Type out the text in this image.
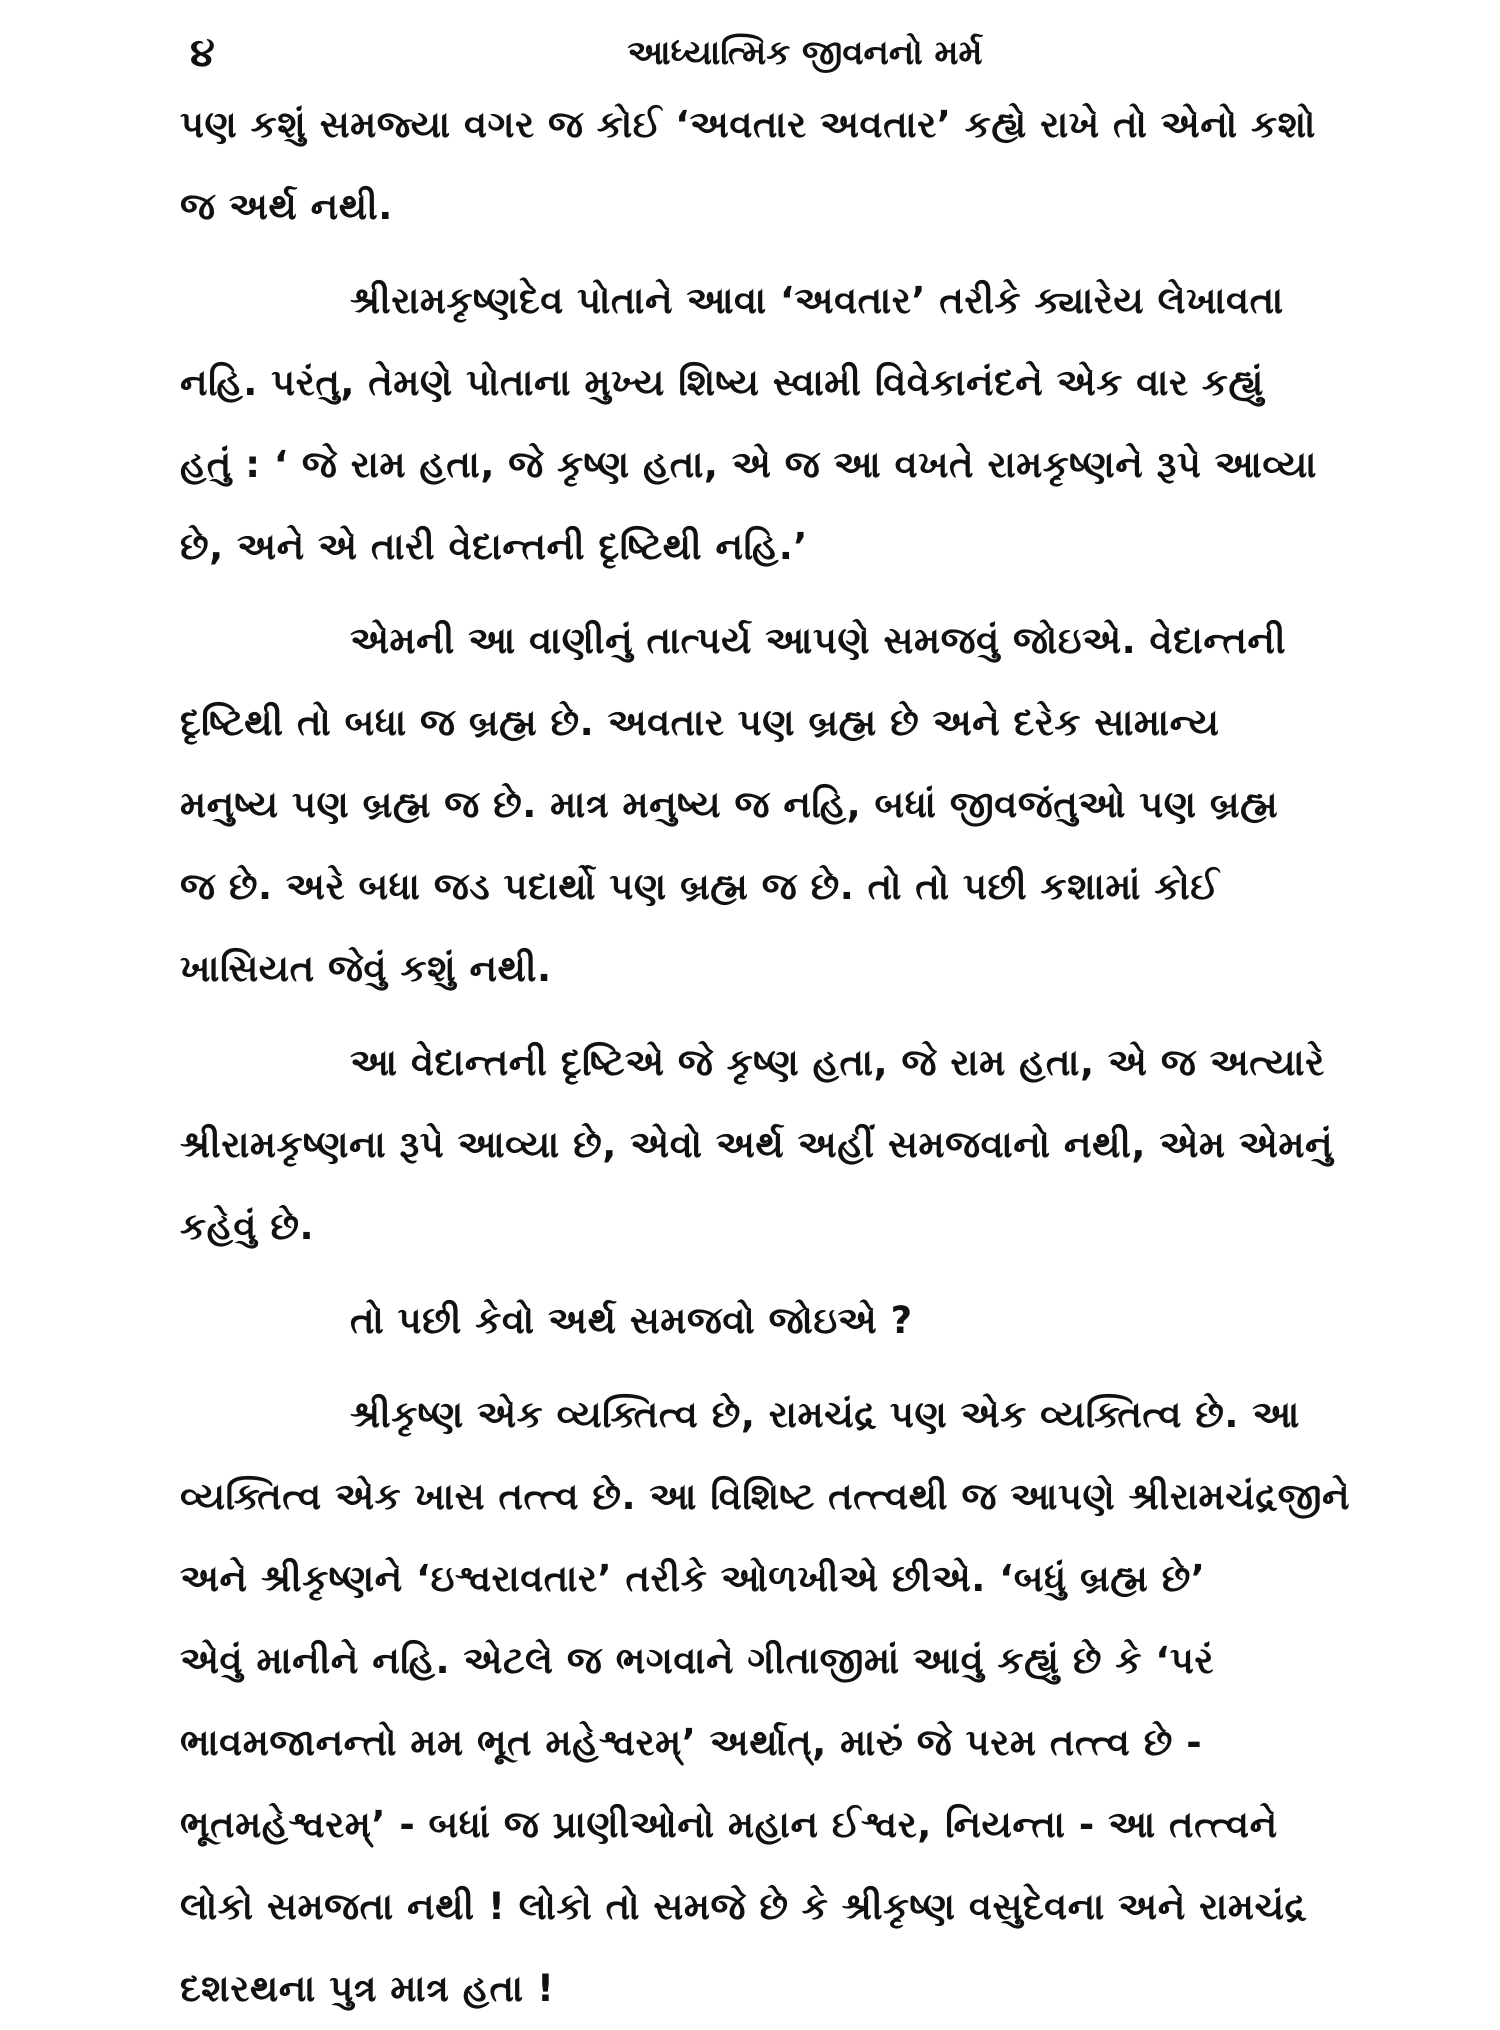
૪	આધ્યાત્મિક જીવનનો મર્મ

પણ કશું સમજ્યા વગર જ કોઈ ‘અવતાર અવતાર’ કહ્યે રાખે તો એનો કશો
જ અર્થ નથી.

શ્રીરામકૃષ્ણદેવ પોતાને આવા ‘અવતાર’ તરીકે ક્યારેય લેખાવતા
નહિ. પરંતુ, તેમણે પોતાના મુખ્ય શિષ્ય સ્વામી વિવેકાનંદને એક વાર કહ્યું
હતું : ‘ જે રામ હતા, જે કૃષ્ણ હતા, એ જ આ વખતે રામકૃષ્ણને રૂપે આવ્યા
છે, અને એ તારી વેદાન્તની દૃષ્ટિથી નહિ.’

એમની આ વાણીનું તાત્પર્ય આપણે સમજવું જોઇએ. વેદાન્તની
દૃષ્ટિથી તો બધા જ બ્રહ્મ છે. અવતાર પણ બ્રહ્મ છે અને દરેક સામાન્ય
મનુષ્ય પણ બ્રહ્મ જ છે. માત્ર મનુષ્ય જ નહિ, બધાં જીવજંતુઓ પણ બ્રહ્મ
જ છે. અરે બધા જડ પદાર્થો પણ બ્રહ્મ જ છે. તો તો પછી કશામાં કોઈ
ખાસિયત જેવું કશું નથી.

આ વેદાન્તની દૃષ્ટિએ જે કૃષ્ણ હતા, જે રામ હતા, એ જ અત્યારે
શ્રીરામકૃષ્ણના રૂપે આવ્યા છે, એવો અર્થ અહીં સમજવાનો નથી, એમ એમનું
કહેવું છે.

તો પછી કેવો અર્થ સમજવો જોઇએ ?

શ્રીકૃષ્ણ એક વ્યક્તિત્વ છે, રામચંદ્ર પણ એક વ્યક્તિત્વ છે. આ
વ્યક્તિત્વ એક ખાસ તત્ત્વ છે. આ વિશિષ્ટ તત્ત્વથી જ આપણે શ્રીરામચંદ્રજીને
અને શ્રીકૃષ્ણને ‘ઇશ્વરાવતાર’ તરીકે ઓળખીએ છીએ. ‘બધું બ્રહ્મ છે’
એવું માનીને નહિ. એટલે જ ભગવાને ગીતાજીમાં આવું કહ્યું છે કે ‘પરં
ભાવમજાનન્તો મમ ભૂત મહેશ્વરમ્’ અર્થાત્, મારું જે પરમ તત્ત્વ છે -
ભૂતમહેશ્વરમ્’ - બધાં જ પ્રાણીઓનો મહાન ઈશ્વર, નિયન્તા - આ તત્ત્વને
લોકો સમજતા નથી ! લોકો તો સમજે છે કે શ્રીકૃષ્ણ વસુદેવના અને રામચંદ્ર
દશરથના પુત્ર માત્ર હતા !
